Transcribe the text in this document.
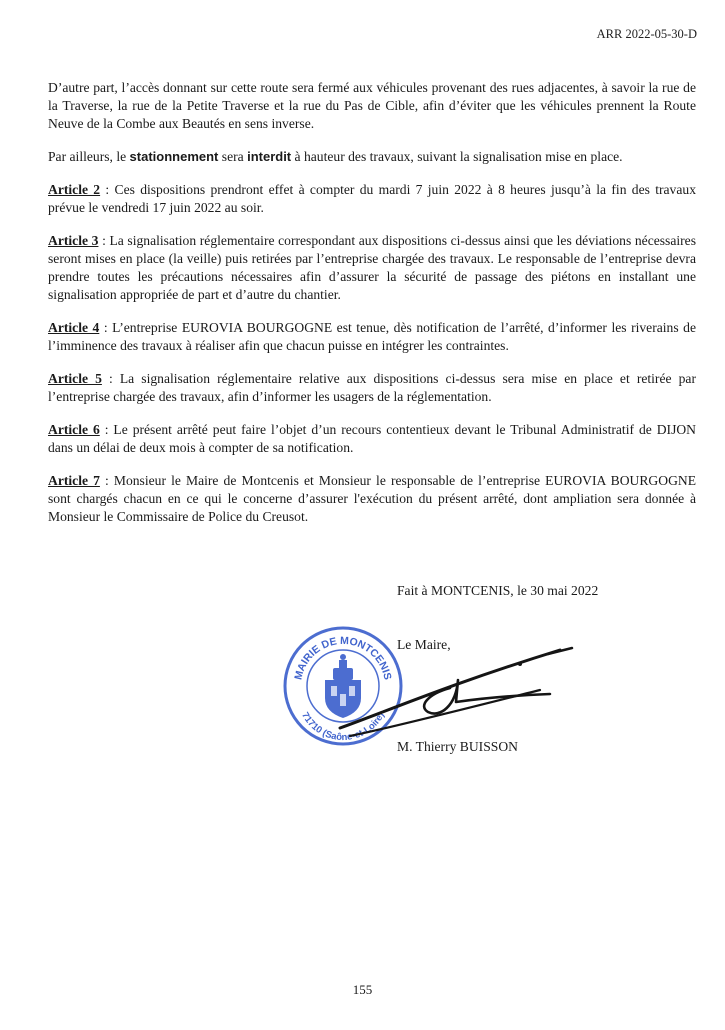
ARR 2022-05-30-D

D’autre part, l’accès donnant sur cette route sera fermé aux véhicules provenant des rues adjacentes, à savoir la rue de la Traverse, la rue de la Petite Traverse et la rue du Pas de Cible, afin d’éviter que les véhicules prennent la Route Neuve de la Combe aux Beautés en sens inverse.

Par ailleurs, le stationnement sera interdit à hauteur des travaux, suivant la signalisation mise en place.

Article 2 : Ces dispositions prendront effet à compter du mardi 7 juin 2022 à 8 heures jusqu’à la fin des travaux prévue le vendredi 17 juin 2022 au soir.

Article 3 : La signalisation réglementaire correspondant aux dispositions ci-dessus ainsi que les déviations nécessaires seront mises en place (la veille) puis retirées par l’entreprise chargée des travaux. Le responsable de l’entreprise devra prendre toutes les précautions nécessaires afin d’assurer la sécurité de passage des piétons en installant une signalisation appropriée de part et d’autre du chantier.

Article 4 : L’entreprise EUROVIA BOURGOGNE est tenue, dès notification de l’arrêté, d’informer les riverains de l’imminence des travaux à réaliser afin que chacun puisse en intégrer les contraintes.

Article 5 : La signalisation réglementaire relative aux dispositions ci-dessus sera mise en place et retirée par l’entreprise chargée des travaux, afin d’informer les usagers de la réglementation.

Article 6 : Le présent arrêté peut faire l’objet d’un recours contentieux devant le Tribunal Administratif de DIJON dans un délai de deux mois à compter de sa notification.

Article 7 : Monsieur le Maire de Montcenis et Monsieur le responsable de l’entreprise EUROVIA BOURGOGNE sont chargés chacun en ce qui le concerne d’assurer l'exécution du présent arrêté, dont ampliation sera donnée à Monsieur le Commissaire de Police du Creusot.

Fait à MONTCENIS, le 30 mai 2022
Le Maire,
MAIRIE DE MONTCENIS
71710 (Saône-et-Loire)
M. Thierry BUISSON
155
